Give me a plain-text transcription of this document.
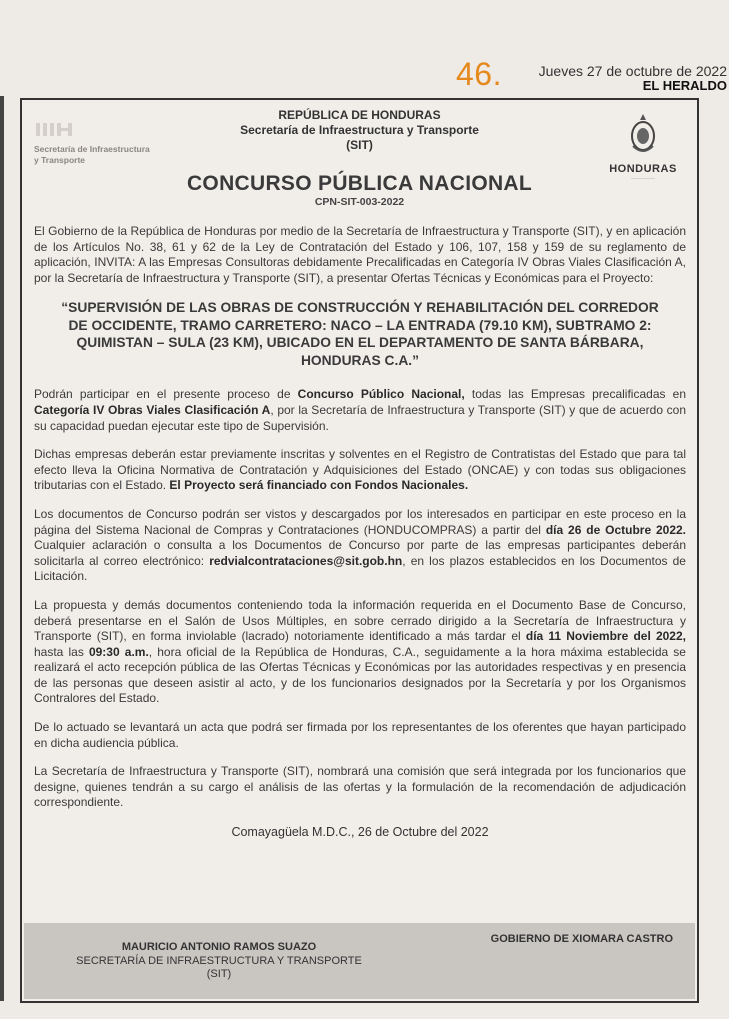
46.	Jueves 27 de octubre de 2022
EL HERALDO
Secretaría de Infraestructura
y Transporte
HONDURAS
——————
REPÚBLICA DE HONDURAS
Secretaría de Infraestructura y Transporte
(SIT)
CONCURSO PÚBLICA NACIONAL
CPN-SIT-003-2022

El Gobierno de la República de Honduras por medio de la Secretaría de Infraestructura y Transporte (SIT), y en aplicación de los Artículos No. 38, 61 y 62 de la Ley de Contratación del Estado y 106, 107, 158 y 159 de su reglamento de aplicación, INVITA: A las Empresas Consultoras debidamente Precalificadas en Categoría IV Obras Viales Clasificación A, por la Secretaría de Infraestructura y Transporte (SIT), a presentar Ofertas Técnicas y Económicas para el Proyecto:

“SUPERVISIÓN DE LAS OBRAS DE CONSTRUCCIÓN Y REHABILITACIÓN DEL CORREDOR DE OCCIDENTE, TRAMO CARRETERO: NACO – LA ENTRADA (79.10 KM), SUBTRAMO 2: QUIMISTAN – SULA (23 KM), UBICADO EN EL DEPARTAMENTO DE SANTA BÁRBARA, HONDURAS C.A.”

Podrán participar en el presente proceso de Concurso Público Nacional, todas las Empresas precalificadas en Categoría IV Obras Viales Clasificación A, por la Secretaría de Infraestructura y Transporte (SIT) y que de acuerdo con su capacidad puedan ejecutar este tipo de Supervisión.

Dichas empresas deberán estar previamente inscritas y solventes en el Registro de Contratistas del Estado que para tal efecto lleva la Oficina Normativa de Contratación y Adquisiciones del Estado (ONCAE) y con todas sus obligaciones tributarias con el Estado. El Proyecto será financiado con Fondos Nacionales.

Los documentos de Concurso podrán ser vistos y descargados por los interesados en participar en este proceso en la página del Sistema Nacional de Compras y Contrataciones (HONDUCOMPRAS) a partir del día 26 de Octubre 2022. Cualquier aclaración o consulta a los Documentos de Concurso por parte de las empresas participantes deberán solicitarla al correo electrónico: redvialcontrataciones@sit.gob.hn, en los plazos establecidos en los Documentos de Licitación.

La propuesta y demás documentos conteniendo toda la información requerida en el Documento Base de Concurso, deberá presentarse en el Salón de Usos Múltiples, en sobre cerrado dirigido a la Secretaría de Infraestructura y Transporte (SIT), en forma inviolable (lacrado) notoriamente identificado a más tardar el día 11 Noviembre del 2022, hasta las 09:30 a.m., hora oficial de la República de Honduras, C.A., seguidamente a la hora máxima establecida se realizará el acto recepción pública de las Ofertas Técnicas y Económicas por las autoridades respectivas y en presencia de las personas que deseen asistir al acto, y de los funcionarios designados por la Secretaría y por los Organismos Contralores del Estado.

De lo actuado se levantará un acta que podrá ser firmada por los representantes de los oferentes que hayan participado en dicha audiencia pública.

La Secretaría de Infraestructura y Transporte (SIT), nombrará una comisión que será integrada por los funcionarios que designe, quienes tendrán a su cargo el análisis de las ofertas y la formulación de la recomendación de adjudicación correspondiente.

Comayagüela M.D.C., 26 de Octubre del 2022
MAURICIO ANTONIO RAMOS SUAZO
SECRETARÍA DE INFRAESTRUCTURA Y TRANSPORTE
(SIT)
GOBIERNO DE XIOMARA CASTRO
